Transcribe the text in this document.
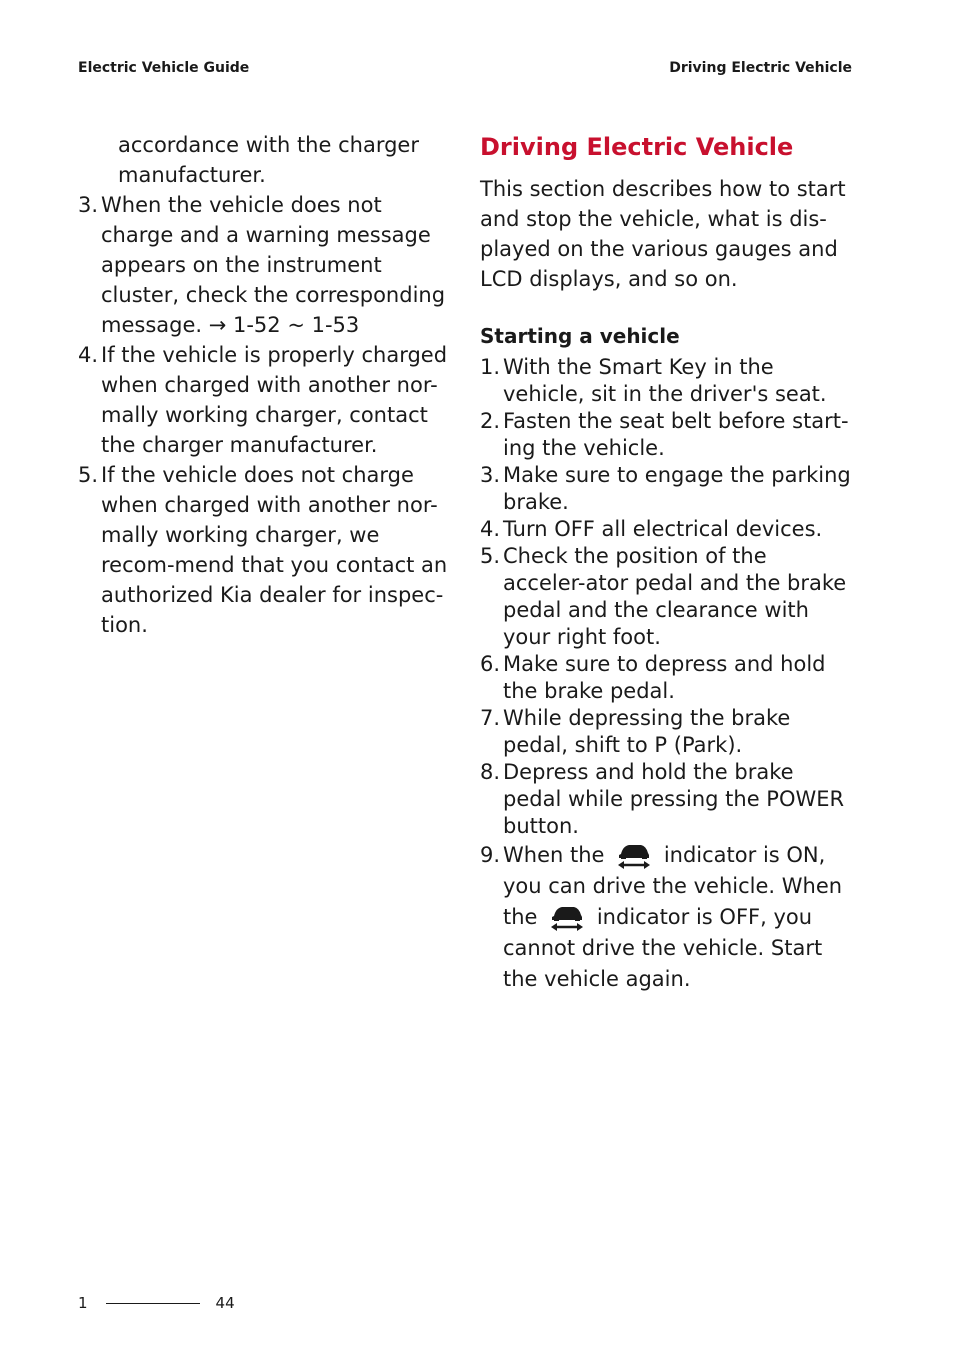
Electric Vehicle Guide	Driving Electric Vehicle

accordance with the charger

manufacturer.

3. When the vehicle does not charge and a warning message appears on the instrument cluster, check the corresponding message. → 1-52 ~ 1-53
4. If the vehicle is properly charged when charged with another nor-mally working charger, contact the charger manufacturer.
5. If the vehicle does not charge when charged with another nor-mally working charger, we recom-mend that you contact an authorized Kia dealer for inspec-tion.
Driving Electric Vehicle

This section describes how to start and stop the vehicle, what is dis-played on the various gauges and LCD displays, and so on.

Starting a vehicle
1. With the Smart Key in the vehicle, sit in the driver's seat.
2. Fasten the seat belt before start-ing the vehicle.
3. Make sure to engage the parking brake.
4. Turn OFF all electrical devices.
5. Check the position of the acceler-ator pedal and the brake pedal and the clearance with your right foot.
6. Make sure to depress and hold the brake pedal.
7. While depressing the brake pedal, shift to P (Park).
8. Depress and hold the brake pedal while pressing the POWER button.
9. When the	indicator is ON, you can drive the vehicle. When the	indicator is OFF, you cannot drive the vehicle. Start the vehicle again.
1	44
